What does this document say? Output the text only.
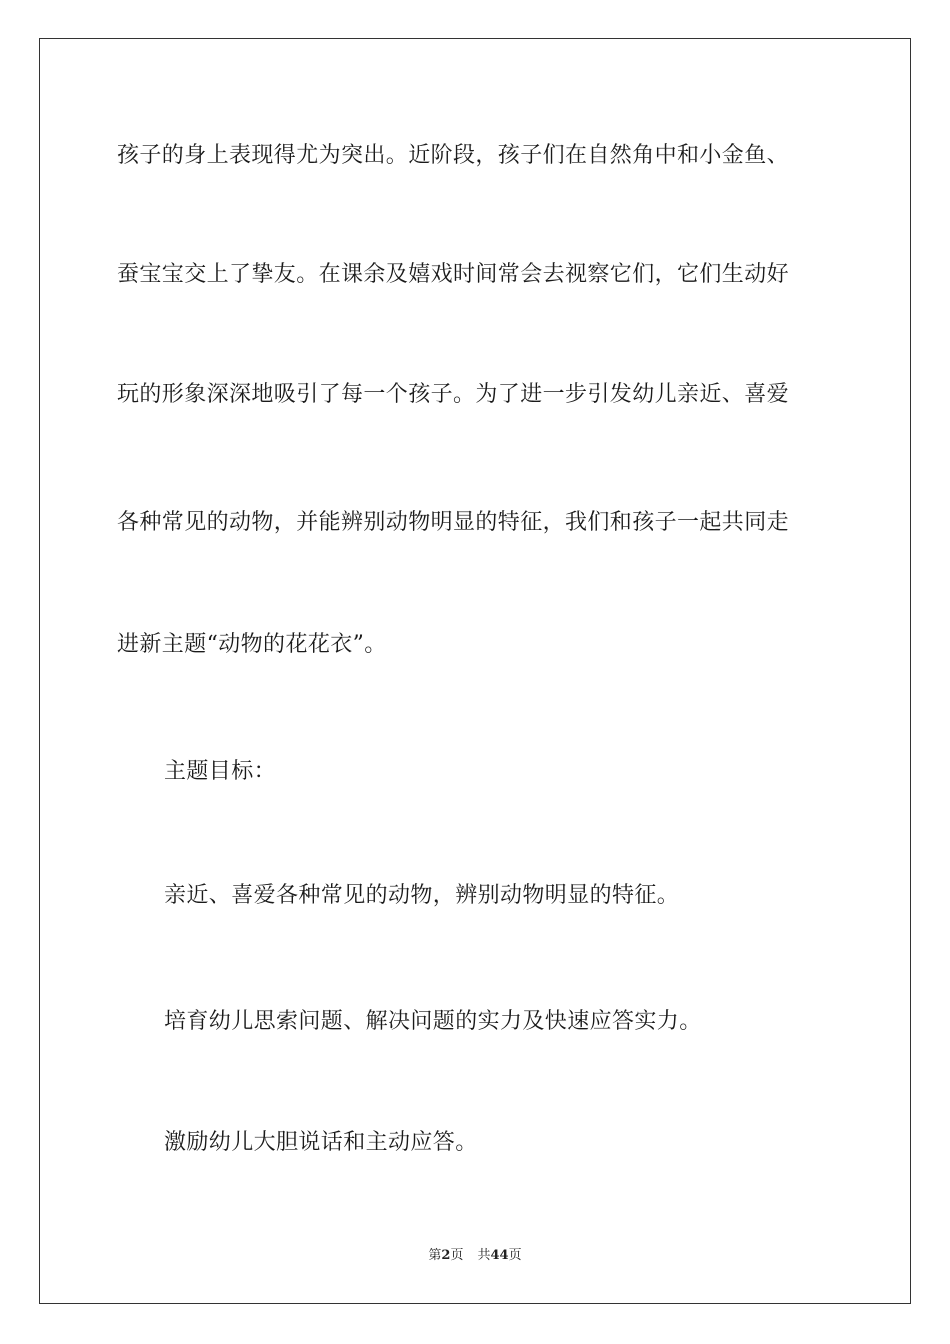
孩子的身上表现得尤为突出。近阶段，孩子们在自然角中和小金鱼、
蚕宝宝交上了挚友。在课余及嬉戏时间常会去视察它们，它们生动好
玩的形象深深地吸引了每一个孩子。为了进一步引发幼儿亲近、喜爱
各种常见的动物，并能辨别动物明显的特征，我们和孩子一起共同走
进新主题“动物的花花衣”。
主题目标：
亲近、喜爱各种常见的动物，辨别动物明显的特征。
培育幼儿思索问题、解决问题的实力及快速应答实力。
激励幼儿大胆说话和主动应答。
第2页 共44页
